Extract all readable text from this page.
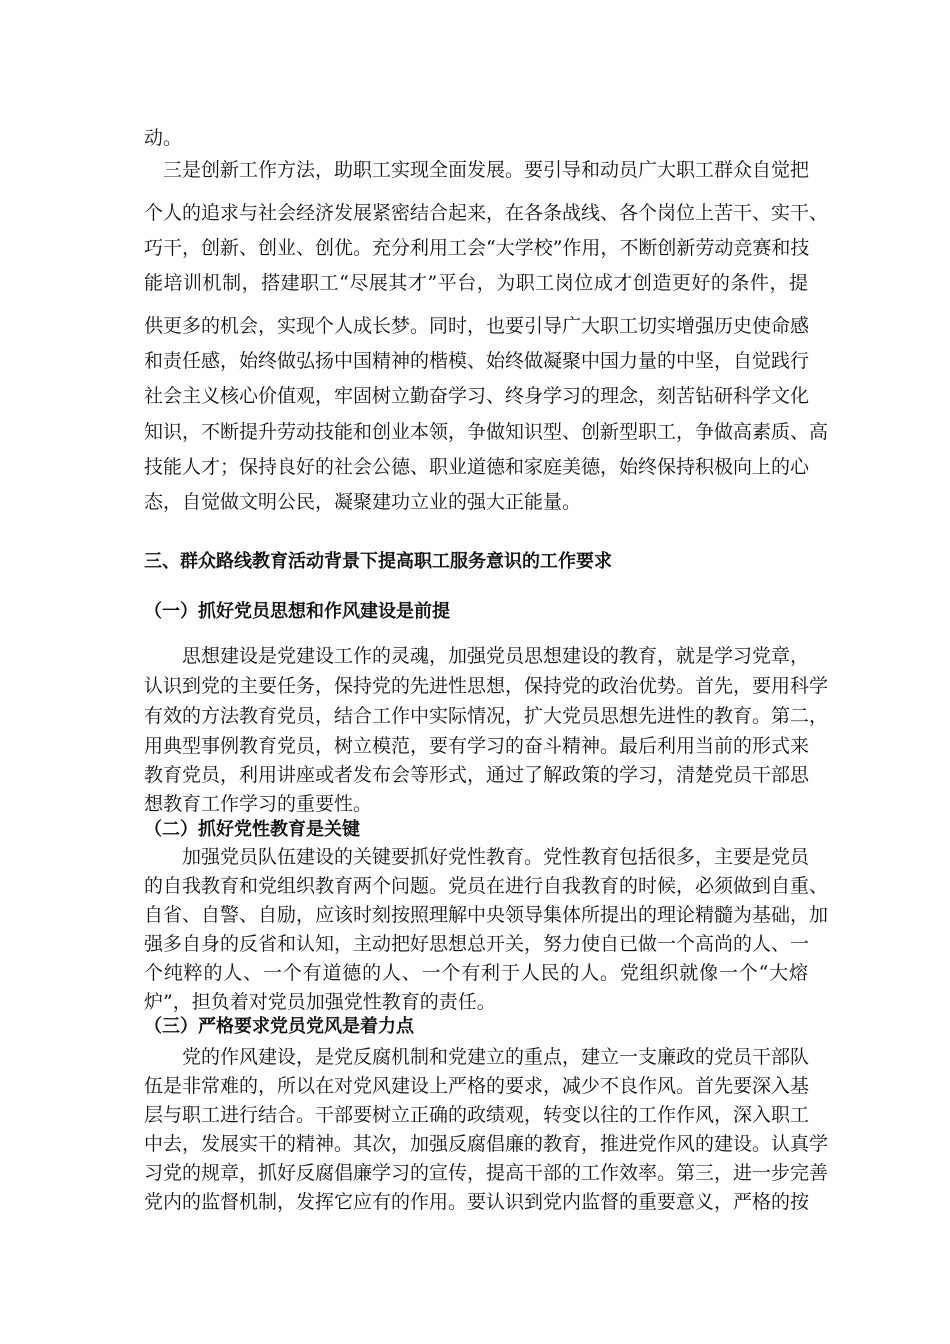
动。
三是创新工作方法，助职工实现全面发展。要引导和动员广大职工群众自觉把
个人的追求与社会经济发展紧密结合起来，在各条战线、各个岗位上苦干、实干、
巧干，创新、创业、创优。充分利用工会“大学校”作用，不断创新劳动竞赛和技
能培训机制，搭建职工“尽展其才”平台，为职工岗位成才创造更好的条件，提
供更多的机会，实现个人成长梦。同时，也要引导广大职工切实增强历史使命感
和责任感，始终做弘扬中国精神的楷模、始终做凝聚中国力量的中坚，自觉践行
社会主义核心价值观，牢固树立勤奋学习、终身学习的理念，刻苦钻研科学文化
知识，不断提升劳动技能和创业本领，争做知识型、创新型职工，争做高素质、高
技能人才；保持良好的社会公德、职业道德和家庭美德，始终保持积极向上的心
态，自觉做文明公民，凝聚建功立业的强大正能量。
三、群众路线教育活动背景下提高职工服务意识的工作要求
（一）抓好党员思想和作风建设是前提
思想建设是党建设工作的灵魂，加强党员思想建设的教育，就是学习党章，
认识到党的主要任务，保持党的先进性思想，保持党的政治优势。首先，要用科学
有效的方法教育党员，结合工作中实际情况，扩大党员思想先进性的教育。第二，
用典型事例教育党员，树立模范，要有学习的奋斗精神。最后利用当前的形式来
教育党员，利用讲座或者发布会等形式，通过了解政策的学习，清楚党员干部思
想教育工作学习的重要性。
（二）抓好党性教育是关键
加强党员队伍建设的关键要抓好党性教育。党性教育包括很多，主要是党员
的自我教育和党组织教育两个问题。党员在进行自我教育的时候，必须做到自重、
自省、自警、自励，应该时刻按照理解中央领导集体所提出的理论精髓为基础，加
强多自身的反省和认知，主动把好思想总开关，努力使自已做一个高尚的人、一
个纯粹的人、一个有道德的人、一个有利于人民的人。党组织就像一个“大熔
炉”，担负着对党员加强党性教育的责任。
（三）严格要求党员党风是着力点
党的作风建设，是党反腐机制和党建立的重点，建立一支廉政的党员干部队
伍是非常难的，所以在对党风建设上严格的要求，减少不良作风。首先要深入基
层与职工进行结合。干部要树立正确的政绩观，转变以往的工作作风，深入职工
中去，发展实干的精神。其次，加强反腐倡廉的教育，推进党作风的建设。认真学
习党的规章，抓好反腐倡廉学习的宣传，提高干部的工作效率。第三，进一步完善
党内的监督机制，发挥它应有的作用。要认识到党内监督的重要意义，严格的按
